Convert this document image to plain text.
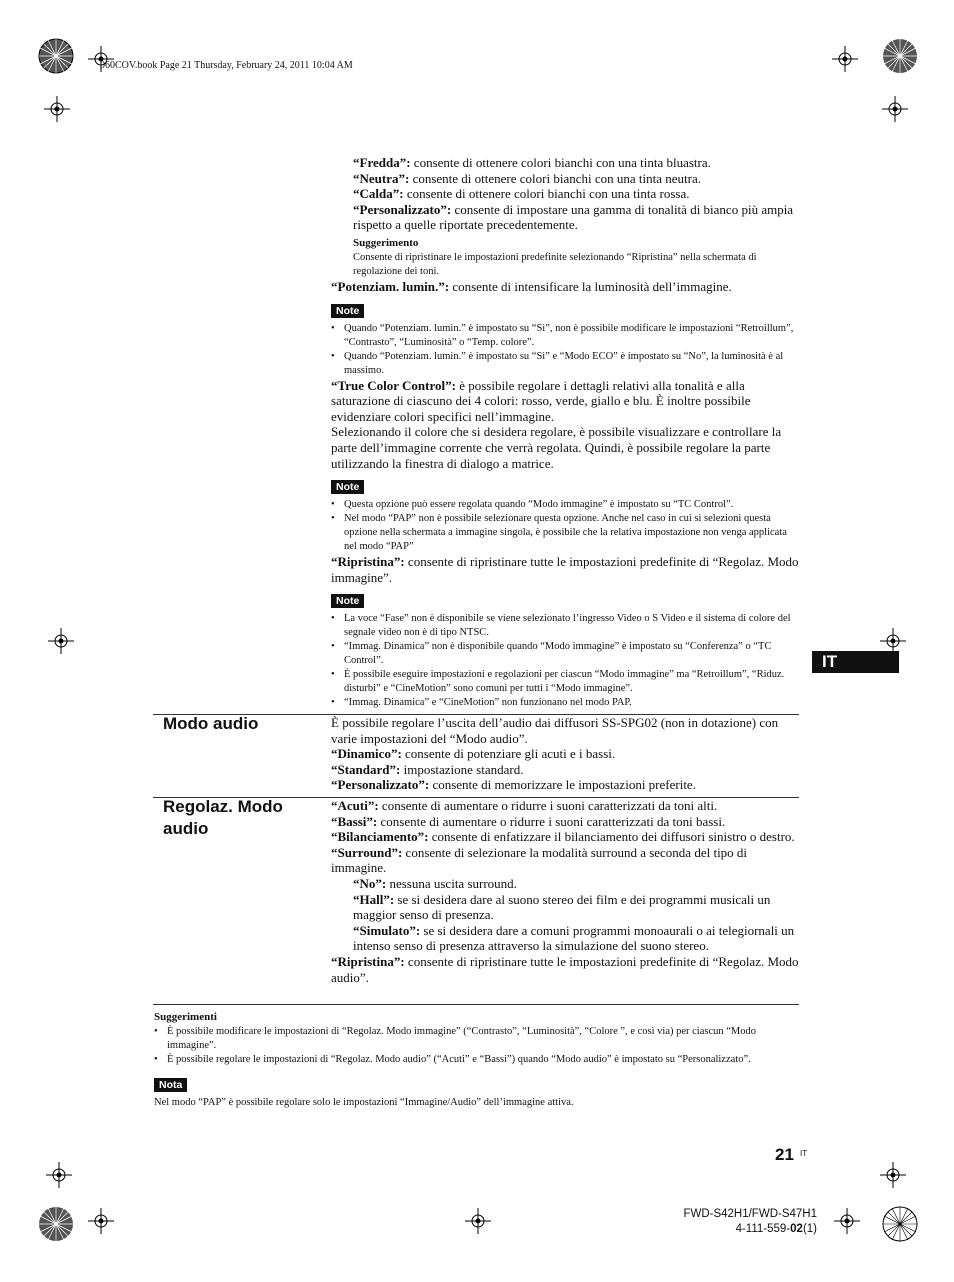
060COV.book Page 21 Thursday, February 24, 2011 10:04 AM

“Fredda”: consente di ottenere colori bianchi con una tinta bluastra.

“Neutra”: consente di ottenere colori bianchi con una tinta neutra.

“Calda”: consente di ottenere colori bianchi con una tinta rossa.

“Personalizzato”: consente di impostare una gamma di tonalità di bianco più ampia rispetto a quelle riportate precedentemente.

Suggerimento

Consente di ripristinare le impostazioni predefinite selezionando “Ripristina” nella schermata di regolazione dei toni.

“Potenziam. lumin.”: consente di intensificare la luminosità dell’immagine.

Note
• Quando “Potenziam. lumin.” è impostato su “Sì”, non è possibile modificare le impostazioni “Retroillum”, “Contrasto”, “Luminosità” o “Temp. colore”.
• Quando “Potenziam. lumin.” è impostato su “Sì” e “Modo ECO” è impostato su “No”, la luminosità è al massimo.

“True Color Control”: è possibile regolare i dettagli relativi alla tonalità e alla saturazione di ciascuno dei 4 colori: rosso, verde, giallo e blu. È inoltre possibile evidenziare colori specifici nell’immagine.

Selezionando il colore che si desidera regolare, è possibile visualizzare e controllare la parte dell’immagine corrente che verrà regolata. Quindi, è possibile regolare la parte utilizzando la finestra di dialogo a matrice.

Note
• Questa opzione può essere regolata quando “Modo immagine” è impostato su “TC Control”.
• Nel modo “PAP” non è possibile selezionare questa opzione. Anche nel caso in cui si selezioni questa opzione nella schermata a immagine singola, è possibile che la relativa impostazione non venga applicata nel modo “PAP”

“Ripristina”: consente di ripristinare tutte le impostazioni predefinite di “Regolaz. Modo immagine”.

Note
• La voce “Fase” non è disponibile se viene selezionato l’ingresso Video o S Video e il sistema di colore del segnale video non è di tipo NTSC.
• “Immag. Dinamica” non è disponibile quando “Modo immagine” è impostato su “Conferenza” o “TC Control”.
• È possibile eseguire impostazioni e regolazioni per ciascun “Modo immagine” ma “Retroillum”, “Riduz. disturbi” e “CineMotion” sono comuni per tutti i “Modo immagine”.
• “Immag. Dinamica” e “CineMotion” non funzionano nel modo PAP.
IT
Modo audio	È possibile regolare l’uscita dell’audio dai diffusori SS-SPG02 (non in dotazione) con varie impostazioni del “Modo audio”.

“Dinamico”: consente di potenziare gli acuti e i bassi.

“Standard”: impostazione standard.

“Personalizzato”: consente di memorizzare le impostazioni preferite.

Regolaz. Modo audio

“Acuti”: consente di aumentare o ridurre i suoni caratterizzati da toni alti.

“Bassi”: consente di aumentare o ridurre i suoni caratterizzati da toni bassi.

“Bilanciamento”: consente di enfatizzare il bilanciamento dei diffusori sinistro o destro.

“Surround”: consente di selezionare la modalità surround a seconda del tipo di immagine.

“No”: nessuna uscita surround.

“Hall”: se si desidera dare al suono stereo dei film e dei programmi musicali un maggior senso di presenza.

“Simulato”: se si desidera dare a comuni programmi monoaurali o ai telegiornali un intenso senso di presenza attraverso la simulazione del suono stereo.

“Ripristina”: consente di ripristinare tutte le impostazioni predefinite di “Regolaz. Modo audio”.

Suggerimenti

• È possibile modificare le impostazioni di “Regolaz. Modo immagine” (“Contrasto”, “Luminosità”, “Colore ”, e così via) per ciascun “Modo immagine”.
• È possibile regolare le impostazioni di “Regolaz. Modo audio” (“Acuti” e “Bassi”) quando “Modo audio” è impostato su “Personalizzato”.
Nota

Nel modo “PAP” è possibile regolare solo le impostazioni “Immagine/Audio” dell’immagine attiva.

21 IT
FWD-S42H1/FWD-S47H1
4-111-559-02(1)
